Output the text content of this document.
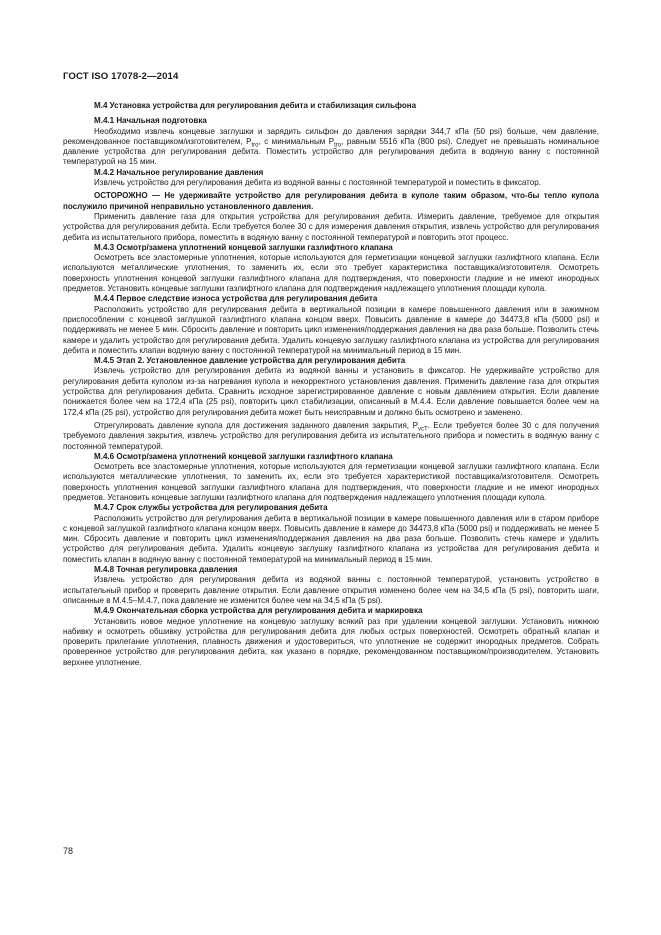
ГОСТ ISO 17078-2—2014

М.4 Установка устройства для регулирования дебита и стабилизация сильфона

М.4.1 Начальная подготовка

Необходимо извлечь концевые заглушки и зарядить сильфон до давления зарядки 344,7 кПа (50 psi) больше, чем давление, рекомендованное поставщиком/изготовителем, $P_{tro}$, с минимальным $P_{tro}$, равным 5516 кПа (800 psi). Следует не превышать номинальное давление устройства для регулирования дебита. Поместить устройство для регулирования дебита в водяную ванну с постоянной температурой на 15 мин.

М.4.2 Начальное регулирование давления

Извлечь устройство для регулирования дебита из водяной ванны с постоянной температурой и поместить в фиксатор.

ОСТОРОЖНО — Не удерживайте устройство для регулирования дебита в куполе таким образом, что-бы тепло купола послужило причиной неправильно установленного давления.

Применить давление газа для открытия устройства для регулирования дебита. Измерить давление, требуемое для открытия устройства для регулирования дебита. Если требуется более 30 с для измерения давления открытия, извлечь устройство для регулирования дебита из испытательного прибора, поместить в водяную ванну с постоянной температурой и повторить этот процесс.

М.4.3 Осмотр/замена уплотнений концевой заглушки газлифтного клапана

Осмотреть все эластомерные уплотнения, которые используются для герметизации концевой заглушки газлифтного клапана. Если используются металлические уплотнения, то заменить их, если это требует характеристика поставщика/изготовителя. Осмотреть поверхность уплотнения концевой заглушки газлифтного клапана для подтверждения, что поверхности гладкие и не имеют инородных предметов. Установить концевые заглушки газлифтного клапана для подтверждения надлежащего уплотнения площади купола.

М.4.4 Первое следствие износа устройства для регулирования дебита

Расположить устройство для регулирования дебита в вертикальной позиции в камере повышенного давления или в зажимном приспособлении с концевой заглушкой газлифтного клапана концом вверх. Повысить давление в камере до 34473,8 кПа (5000 psi) и поддерживать не менее 5 мин. Сбросить давление и повторить цикл изменения/поддержания давления на два раза больше. Позволить стечь камере и удалить устройство для регулирования дебита. Удалить концевую заглушку газлифтного клапана из устройства для регулирования дебита и поместить клапан водяную ванну с постоянной температурой на минимальный период в 15 мин.

М.4.5 Этап 2. Установленное давление устройства для регулирования дебита

Извлечь устройство для регулирования дебита из водяной ванны и установить в фиксатор. Не удерживайте устройство для регулирования дебита куполом из-за нагревания купола и некорректного установления давления. Применить давление газа для открытия устройства для регулирования дебита. Сравнить исходное зарегистрированное давление с новым давлением открытия. Если давление понижается более чем на 172,4 кПа (25 psi), повторить цикл стабилизации, описанный в М.4.4. Если давление повышается более чем на 172,4 кПа (25 psi), устройство для регулирования дебита может быть неисправным и должно быть осмотрено и заменено.

Отрегулировать давление купола для достижения заданного давления закрытия, $P_{vcT}$. Если требуется более 30 с для получения требуемого давления закрытия, извлечь устройство для регулирования дебита из испытательного прибора и поместить в водяную ванну с постоянной температурой.

М.4.6 Осмотр/замена уплотнений концевой заглушки газлифтного клапана

Осмотреть все эластомерные уплотнения, которые используются для герметизации концевой заглушки газлифтного клапана. Если используются металлические уплотнения, то заменить их, если это требуется характеристикой поставщика/изготовителя. Осмотреть поверхность уплотнения концевой заглушки газлифтного клапана для подтверждения, что поверхности гладкие и не имеют инородных предметов. Установить концевые заглушки газлифтного клапана для подтверждения надлежащего уплотнения площади купола.

М.4.7 Срок службы устройства для регулирования дебита

Расположить устройство для регулирования дебита в вертикальной позиции в камере повышенного давления или в старом приборе с концевой заглушкой газлифтного клапана концом вверх. Повысить давление в камере до 34473,8 кПа (5000 psi) и поддерживать не менее 5 мин. Сбросить давление и повторить цикл изменения/поддержания давления на два раза больше. Позволить стечь камере и удалить устройство для регулирования дебита. Удалить концевую заглушку газлифтного клапана из устройства для регулирования дебита и поместить клапан в водяную ванну с постоянной температурой на минимальный период в 15 мин.

М.4.8 Точная регулировка давления

Извлечь устройство для регулирования дебита из водяной ванны с постоянной температурой, установить устройство в испытательный прибор и проверить давление открытия. Если давление открытия изменено более чем на 34,5 кПа (5 psi), повторить шаги, описанные в М.4.5–М.4.7, пока давление не изменится более чем на 34,5 кПа (5 psi).

М.4.9 Окончательная сборка устройства для регулирования дебита и маркировка

Установить новое медное уплотнение на концевую заглушку всякий раз при удалении концевой заглушки. Установить нижнюю набивку и осмотреть обшивку устройства для регулирования дебита для любых острых поверхностей. Осмотреть обратный клапан и проверить прилегание уплотнения, плавность движения и удостовериться, что уплотнение не содержит инородных предметов. Собрать проверенное устройство для регулирования дебита, как указано в порядке, рекомендованном поставщиком/производителем. Установить верхнее уплотнение.

78
